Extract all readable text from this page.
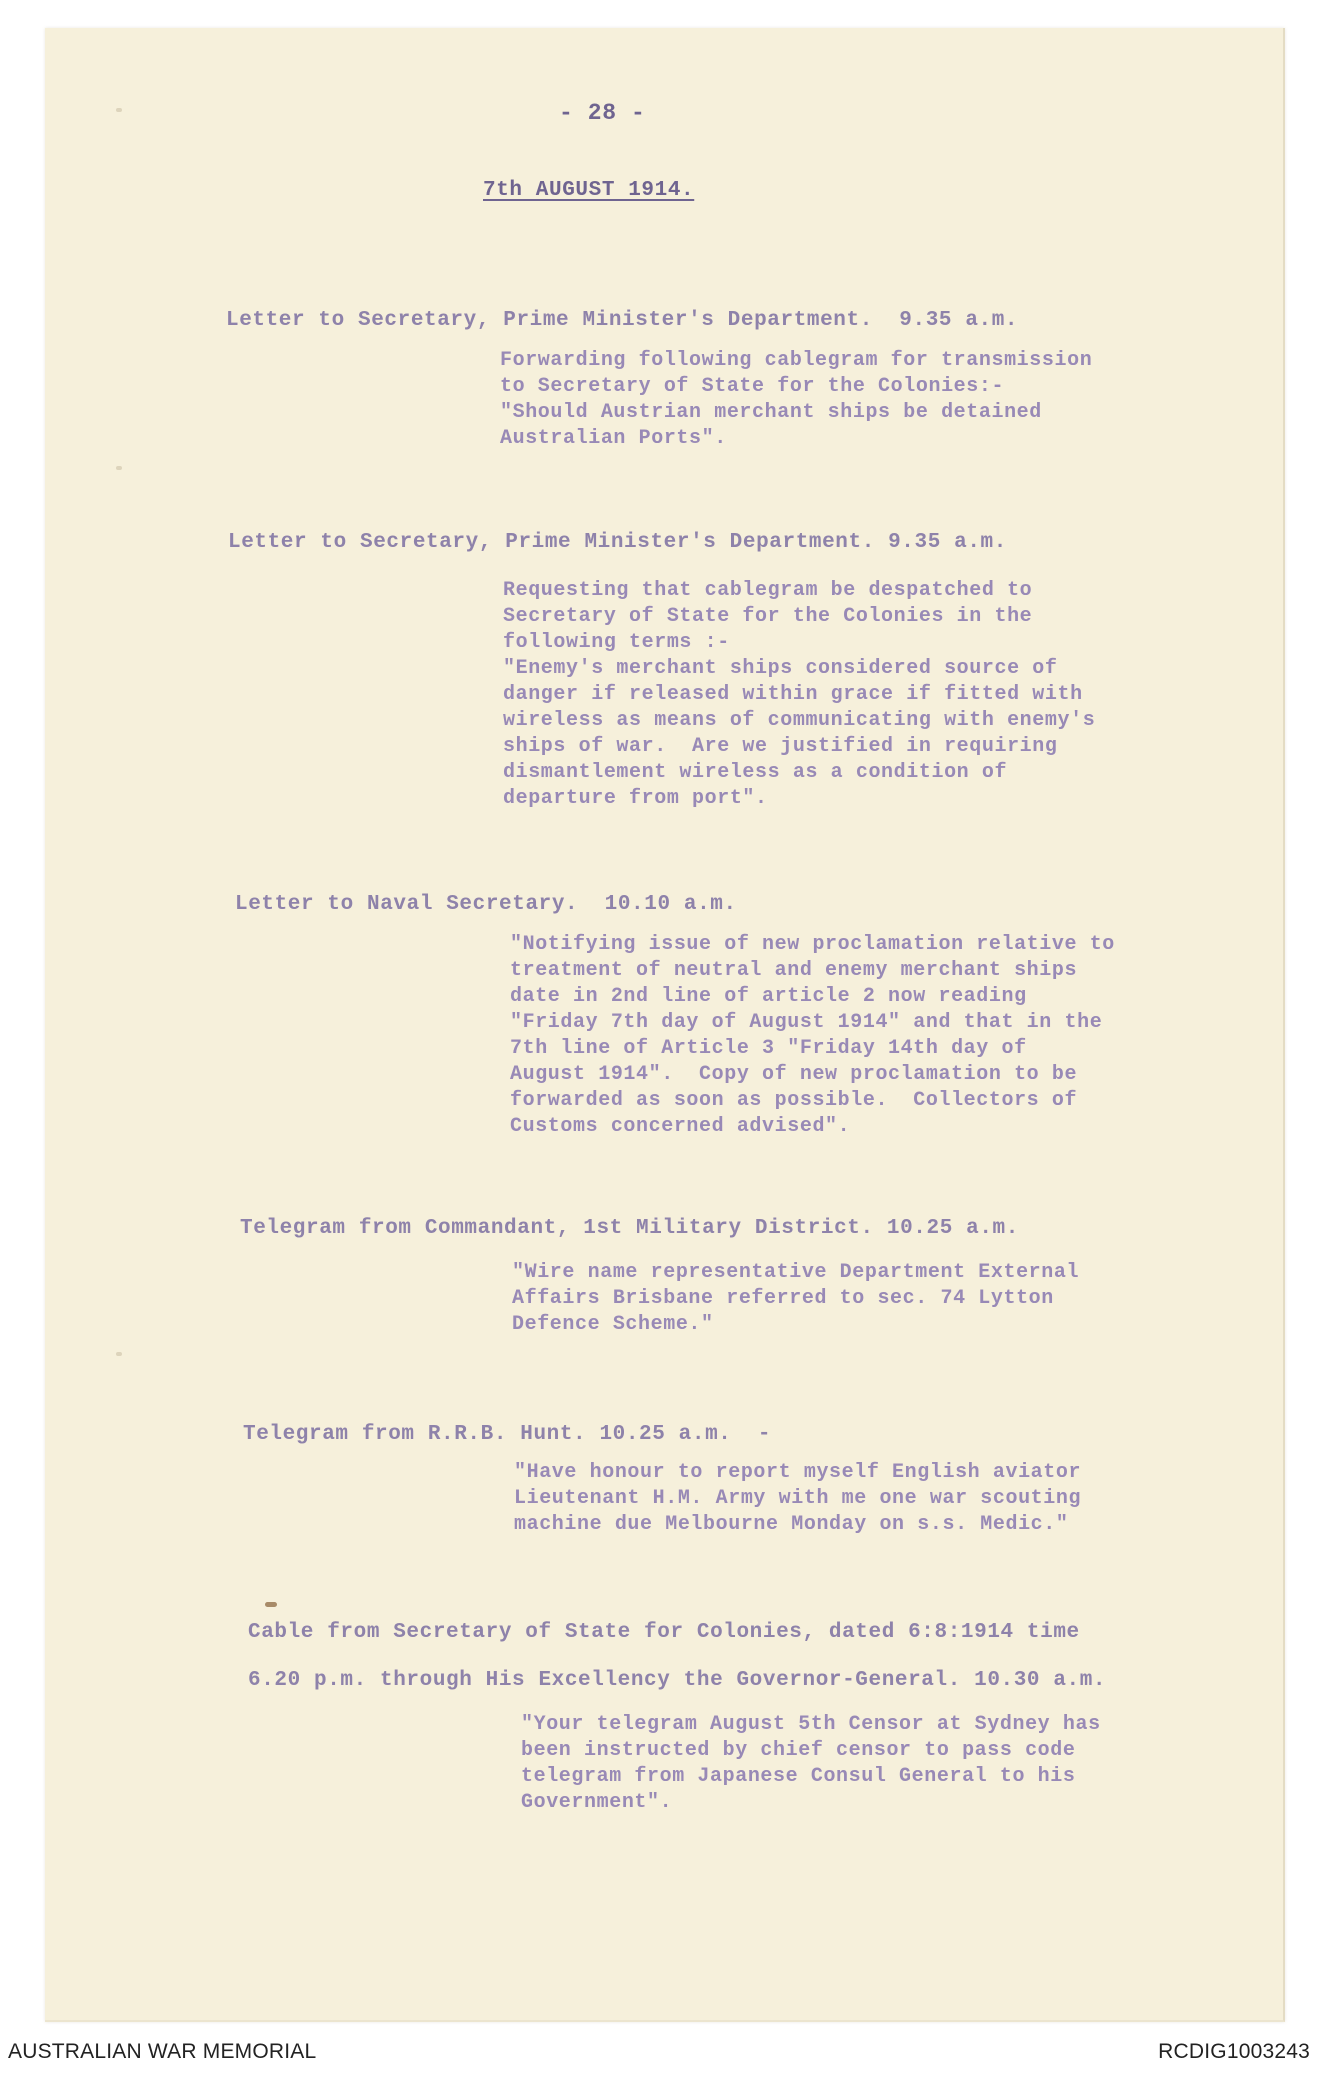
- 28 -
7th AUGUST 1914.
Letter to Secretary, Prime Minister's Department.  9.35 a.m.
Forwarding following cablegram for transmission
to Secretary of State for the Colonies:-
"Should Austrian merchant ships be detained
Australian Ports".
Letter to Secretary, Prime Minister's Department. 9.35 a.m.
Requesting that cablegram be despatched to
Secretary of State for the Colonies in the
following terms :-
"Enemy's merchant ships considered source of
danger if released within grace if fitted with
wireless as means of communicating with enemy's
ships of war.  Are we justified in requiring
dismantlement wireless as a condition of
departure from port".
Letter to Naval Secretary.  10.10 a.m.
"Notifying issue of new proclamation relative to
treatment of neutral and enemy merchant ships
date in 2nd line of article 2 now reading
"Friday 7th day of August 1914" and that in the
7th line of Article 3 "Friday 14th day of
August 1914".  Copy of new proclamation to be
forwarded as soon as possible.  Collectors of
Customs concerned advised".
Telegram from Commandant, 1st Military District. 10.25 a.m.
"Wire name representative Department External
Affairs Brisbane referred to sec. 74 Lytton
Defence Scheme."
Telegram from R.R.B. Hunt. 10.25 a.m.  -
"Have honour to report myself English aviator
Lieutenant H.M. Army with me one war scouting
machine due Melbourne Monday on s.s. Medic."
Cable from Secretary of State for Colonies, dated 6:8:1914 time
6.20 p.m. through His Excellency the Governor-General. 10.30 a.m.
"Your telegram August 5th Censor at Sydney has
been instructed by chief censor to pass code
telegram from Japanese Consul General to his
Government".
AUSTRALIAN WAR MEMORIAL	RCDIG1003243
